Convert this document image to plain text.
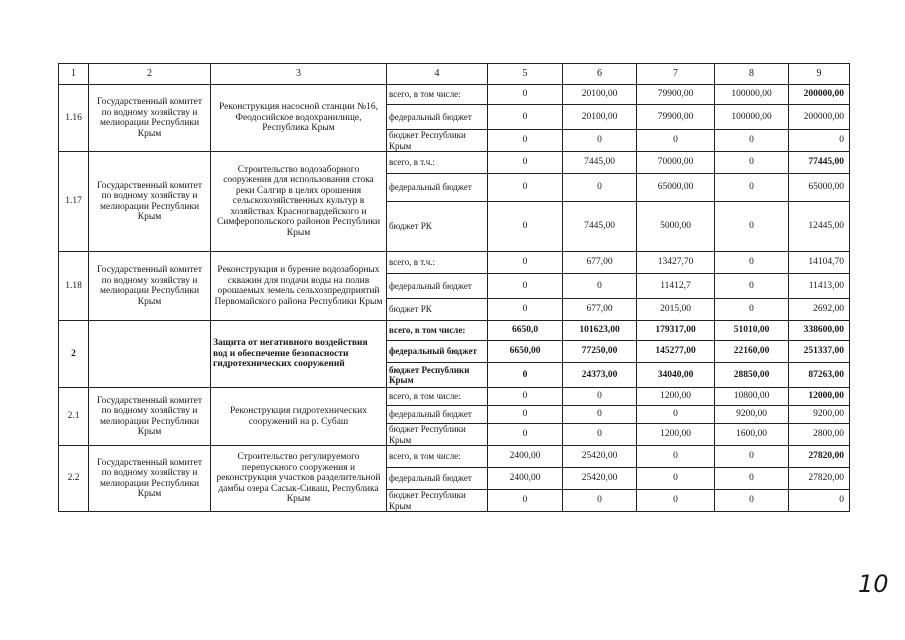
1	2	3	4	5	6	7	8	9
1.16	Государственный комитет по водному хозяйству и мелиорации Республики Крым	Реконструкция насосной станции №16, Феодосийское водохранилище, Республика Крым	всего, в том числе:	0	20100,00	79900,00	100000,00	200000,00
			федеральный бюджет	0	20100,00	79900,00	100000,00	200000,00
			бюджет Республики Крым	0	0	0	0	0
1.17	Государственный комитет по водному хозяйству и мелиорации Республики Крым	Строительство водозаборного сооружения для использования стока реки Салгир в целях орошения сельскохозяйственных культур в хозяйствах Красногвардейского и Симферопольского районов Республики Крым	всего, в т.ч.:	0	7445,00	70000,00	0	77445,00
			федеральный бюджет	0	0	65000,00	0	65000,00
			бюджет РК	0	7445,00	5000,00	0	12445,00
1.18	Государственный комитет по водному хозяйству и мелиорации Республики Крым	Реконструкция и бурение водозаборных скважин для подачи воды на полив орошаемых земель сельхозпредприятий Первомайского района Республики Крым	всего, в т.ч.:	0	677,00	13427,70	0	14104,70
			федеральный бюджет	0	0	11412,7	0	11413,00
			бюджет РК	0	677,00	2015,00	0	2692,00
2		Защита от негативного воздействия вод и обеспечение безопасности гидротехнических сооружений	всего, в том числе:	6650,0	101623,00	179317,00	51010,00	338600,00
			федеральный бюджет	6650,00	77250,00	145277,00	22160,00	251337,00
			бюджет Республики Крым	0	24373,00	34040,00	28850,00	87263,00
2.1	Государственный комитет по водному хозяйству и мелиорации Республики Крым	Реконструкция гидротехнических сооружений на р. Субаш	всего, в том числе:	0	0	1200,00	10800,00	12000,00
			федеральный бюджет	0	0	0	9200,00	9200,00
			бюджет Республики Крым	0	0	1200,00	1600,00	2800,00
2.2	Государственный комитет по водному хозяйству и мелиорации Республики Крым	Строительство регулируемого перепускного сооружения и реконструкция участков разделительной дамбы озера Сасык-Сиваш, Республика Крым	всего, в том числе:	2400,00	25420,00	0	0	27820,00
			федеральный бюджет	2400,00	25420,00	0	0	27820,00
			бюджет Республики Крым	0	0	0	0	0
10
